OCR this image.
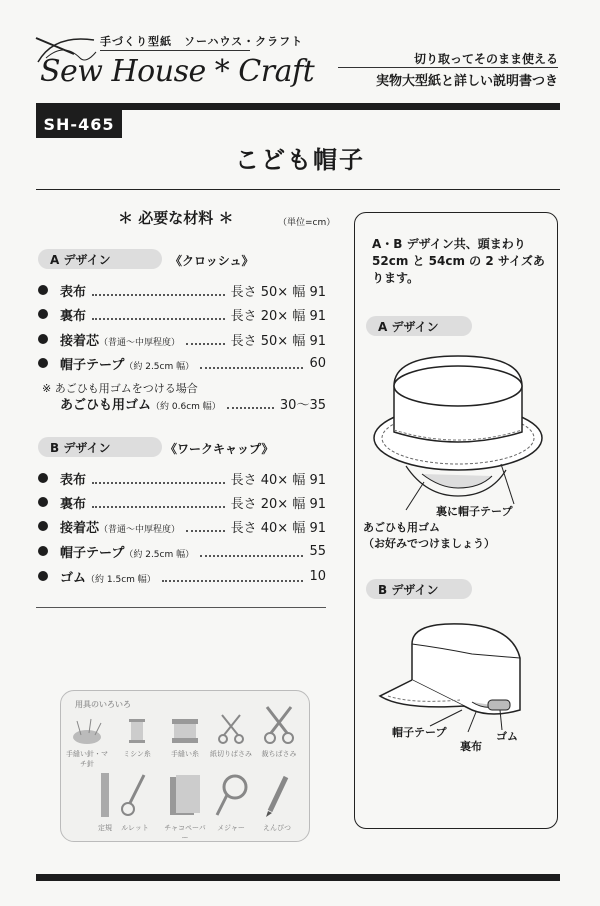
手づくり型紙　ソーハウス・クラフト
Sew House * Craft	切り取ってそのまま使える
実物大型紙と詳しい説明書つき
SH-465
こども帽子
＊ 必要な材料 ＊	（単位=cm）
A デザイン	《クロッシュ》
表布	長さ 50× 幅 91
裏布	長さ 20× 幅 91
接着芯（普通〜中厚程度）	長さ 50× 幅 91
帽子テープ（約 2.5cm 幅）	60
※ あごひも用ゴムをつける場合
あごひも用ゴム（約 0.6cm 幅）	30〜35
B デザイン	《ワークキャップ》
表布	長さ 40× 幅 91
裏布	長さ 20× 幅 91
接着芯（普通〜中厚程度）	長さ 40× 幅 91
帽子テープ（約 2.5cm 幅）	55
ゴム（約 1.5cm 幅）	10
用具のいろいろ
手縫い針・マチ針
ミシン糸	手縫い糸	紙切りばさみ	裁ちばさみ
定規	ルレット	チャコペーパー
メジャー	えんぴつ
A・B デザイン共、頭まわり 52cm と 54cm の 2 サイズあります。
A デザイン
裏に帽子テープ
あごひも用ゴム
（お好みでつけましょう）
B デザイン
帽子テープ
裏布
ゴム
